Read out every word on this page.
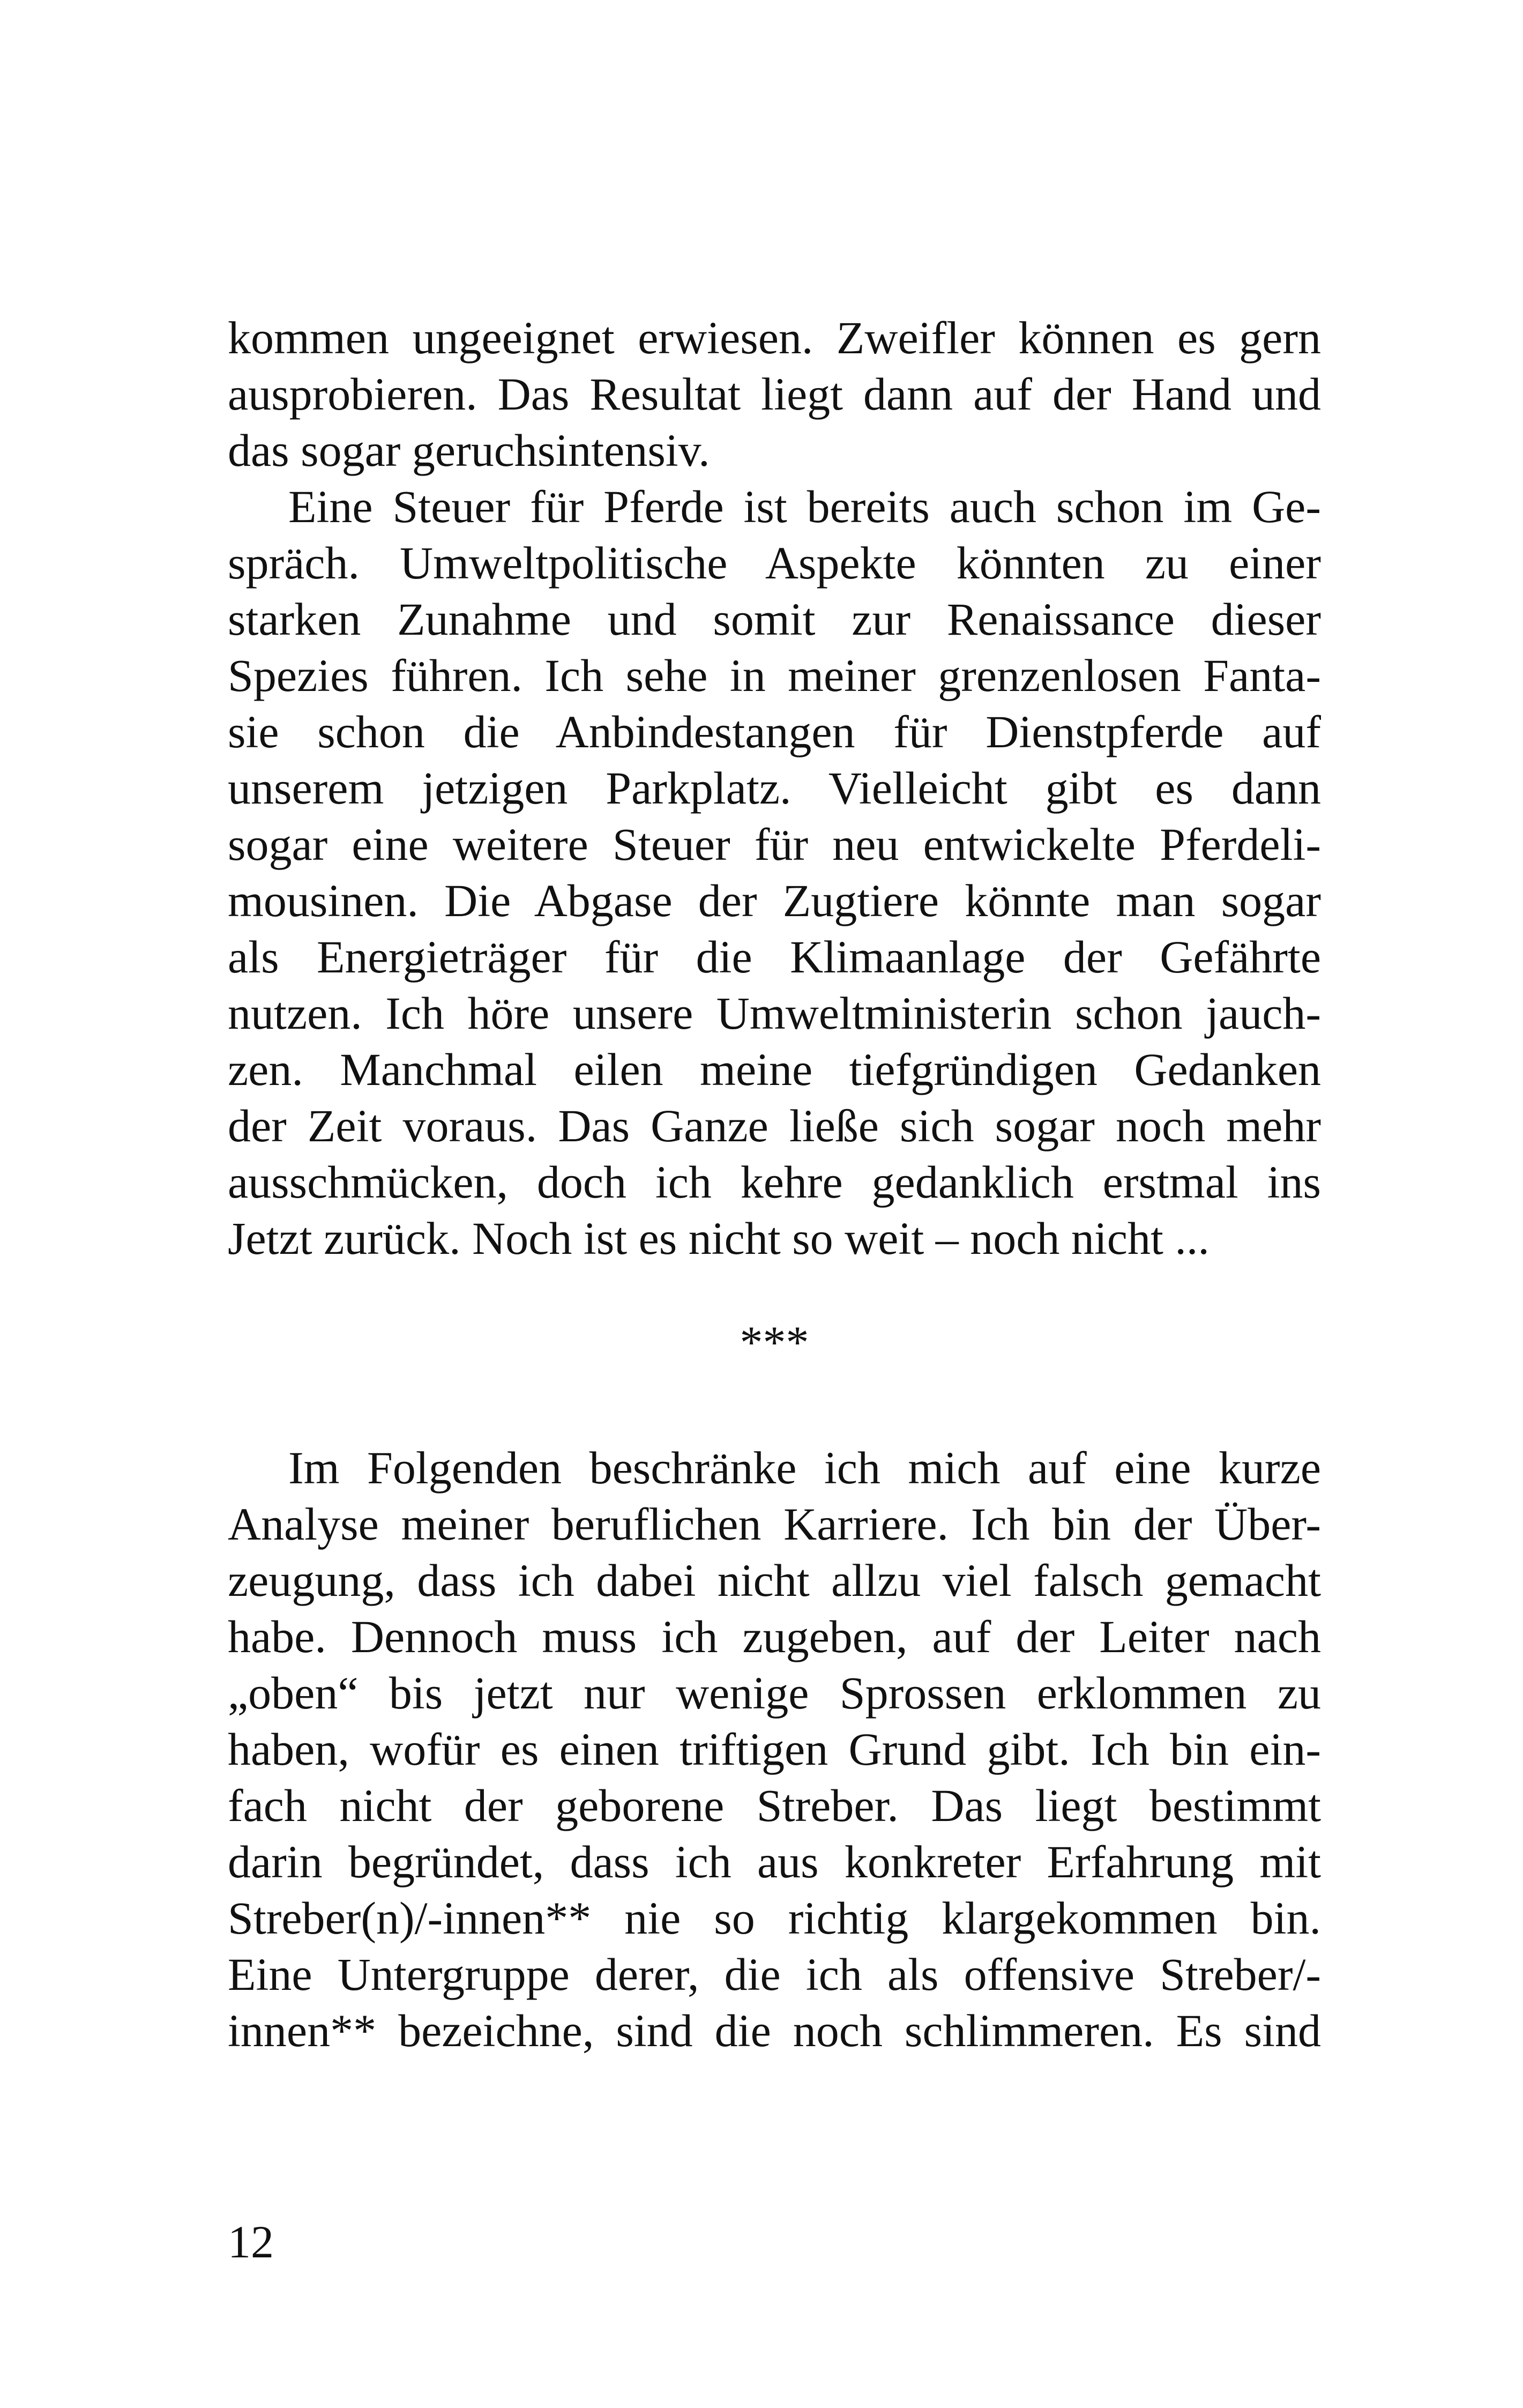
kommen ungeeignet erwiesen. Zweifler können es gern
ausprobieren. Das Resultat liegt dann auf der Hand und
das sogar geruchsintensiv.
Eine Steuer für Pferde ist bereits auch schon im Ge-
spräch. Umweltpolitische Aspekte könnten zu einer
starken Zunahme und somit zur Renaissance dieser
Spezies führen. Ich sehe in meiner grenzenlosen Fanta-
sie schon die Anbindestangen für Dienstpferde auf
unserem jetzigen Parkplatz. Vielleicht gibt es dann
sogar eine weitere Steuer für neu entwickelte Pferdeli-
mousinen. Die Abgase der Zugtiere könnte man sogar
als Energieträger für die Klimaanlage der Gefährte
nutzen. Ich höre unsere Umweltministerin schon jauch-
zen. Manchmal eilen meine tiefgründigen Gedanken
der Zeit voraus. Das Ganze ließe sich sogar noch mehr
ausschmücken, doch ich kehre gedanklich erstmal ins
Jetzt zurück. Noch ist es nicht so weit – noch nicht ...
***
Im Folgenden beschränke ich mich auf eine kurze
Analyse meiner beruflichen Karriere. Ich bin der Über-
zeugung, dass ich dabei nicht allzu viel falsch gemacht
habe. Dennoch muss ich zugeben, auf der Leiter nach
„oben“ bis jetzt nur wenige Sprossen erklommen zu
haben, wofür es einen triftigen Grund gibt. Ich bin ein-
fach nicht der geborene Streber. Das liegt bestimmt
darin begründet, dass ich aus konkreter Erfahrung mit
Streber(n)/-innen** nie so richtig klargekommen bin.
Eine Untergruppe derer, die ich als offensive Streber/-
innen** bezeichne, sind die noch schlimmeren. Es sind
12
